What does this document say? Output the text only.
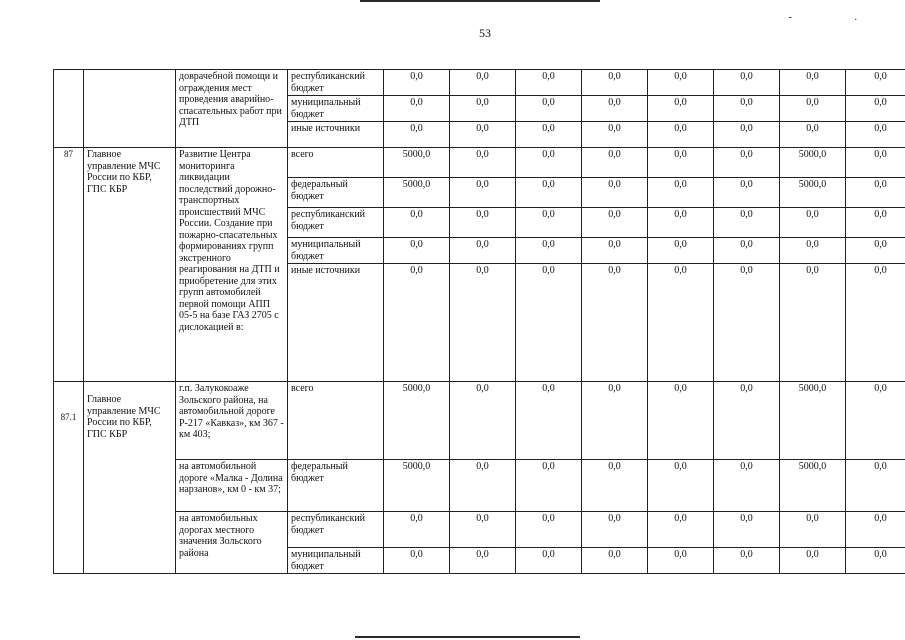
53
- .
		доврачебной помощи и ограждения мест проведения аварийно-спасательных работ при ДТП	республиканский бюджет	0,0	0,0	0,0	0,0	0,0	0,0	0,0	0,0
			муниципальный бюджет	0,0	0,0	0,0	0,0	0,0	0,0	0,0	0,0
			иные источники	0,0	0,0	0,0	0,0	0,0	0,0	0,0	0,0
87	Главное управление МЧС России по КБР, ГПС КБР	Развитие Центра мониторинга ликвидации последствий дорожно-транспортных происшествий МЧС России. Создание при пожарно-спасательных формированиях групп экстренного реагирования на ДТП и приобретение для этих групп автомобилей первой помощи АПП 05-5 на базе ГАЗ 2705 с дислокацией в:	всего	5000,0	0,0	0,0	0,0	0,0	0,0	5000,0	0,0
			федеральный бюджет	5000,0	0,0	0,0	0,0	0,0	0,0	5000,0	0,0
			республиканский бюджет	0,0	0,0	0,0	0,0	0,0	0,0	0,0	0,0
			муниципальный бюджет	0,0	0,0	0,0	0,0	0,0	0,0	0,0	0,0
			иные источники	0,0	0,0	0,0	0,0	0,0	0,0	0,0	0,0
87.1	Главное управление МЧС России по КБР, ГПС КБР	г.п. Залукокоаже Зольского района, на автомобильной дороге Р-217 «Кавказ», км 367 - км 403;	всего	5000,0	0,0	0,0	0,0	0,0	0,0	5000,0	0,0
		на автомобильной дороге «Малка - Долина нарзанов», км 0 - км 37;	федеральный бюджет	5000,0	0,0	0,0	0,0	0,0	0,0	5000,0	0,0
		на автомобильных дорогах местного значения Зольского района	республиканский бюджет	0,0	0,0	0,0	0,0	0,0	0,0	0,0	0,0
			муниципальный бюджет	0,0	0,0	0,0	0,0	0,0	0,0	0,0	0,0
